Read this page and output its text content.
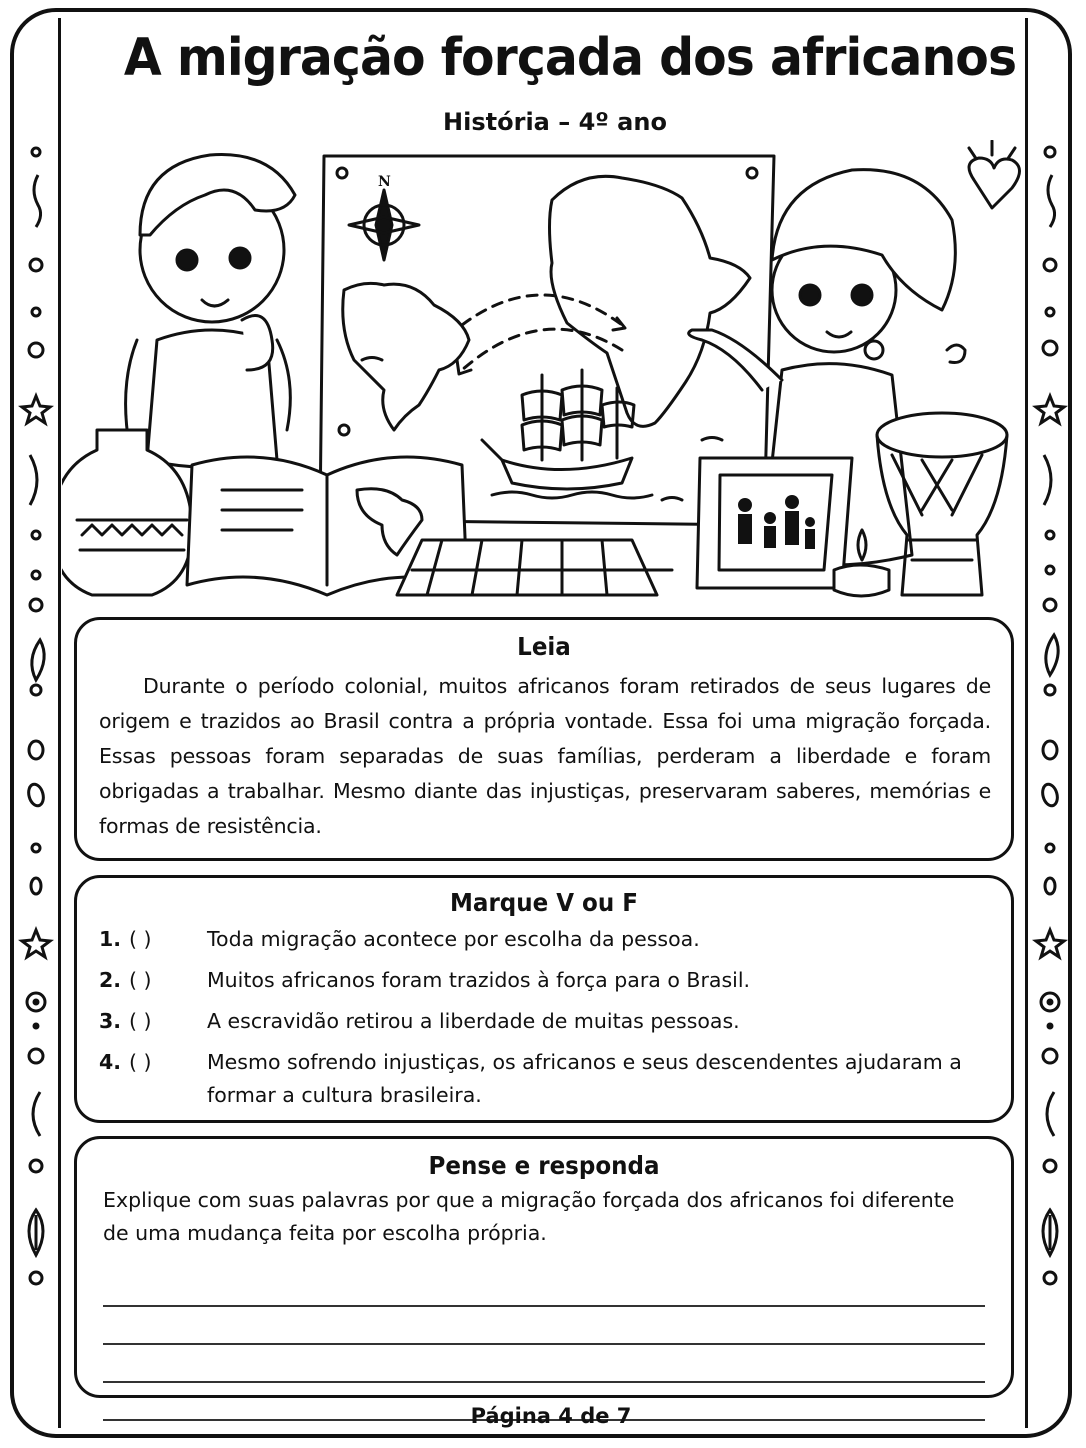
A migração forçada dos africanos
História – 4º ano
N
Leia
Durante o período colonial, muitos africanos foram retirados de seus lugares de origem e trazidos ao Brasil contra a própria vontade. Essa foi uma migração forçada. Essas pessoas foram separadas de suas famílias, perderam a liberdade e foram obrigadas a trabalhar. Mesmo diante das injustiças, preservaram saberes, memórias e formas de resistência.
Marque V ou F
1. ( )	Toda migração acontece por escolha da pessoa.
2. ( )	Muitos africanos foram trazidos à força para o Brasil.
3. ( )	A escravidão retirou a liberdade de muitas pessoas.
4. ( )	Mesmo sofrendo injustiças, os africanos e seus descendentes ajudaram a formar a cultura brasileira.
Pense e responda
Explique com suas palavras por que a migração forçada dos africanos foi diferente de uma mudança feita por escolha própria.
Página 4 de 7
